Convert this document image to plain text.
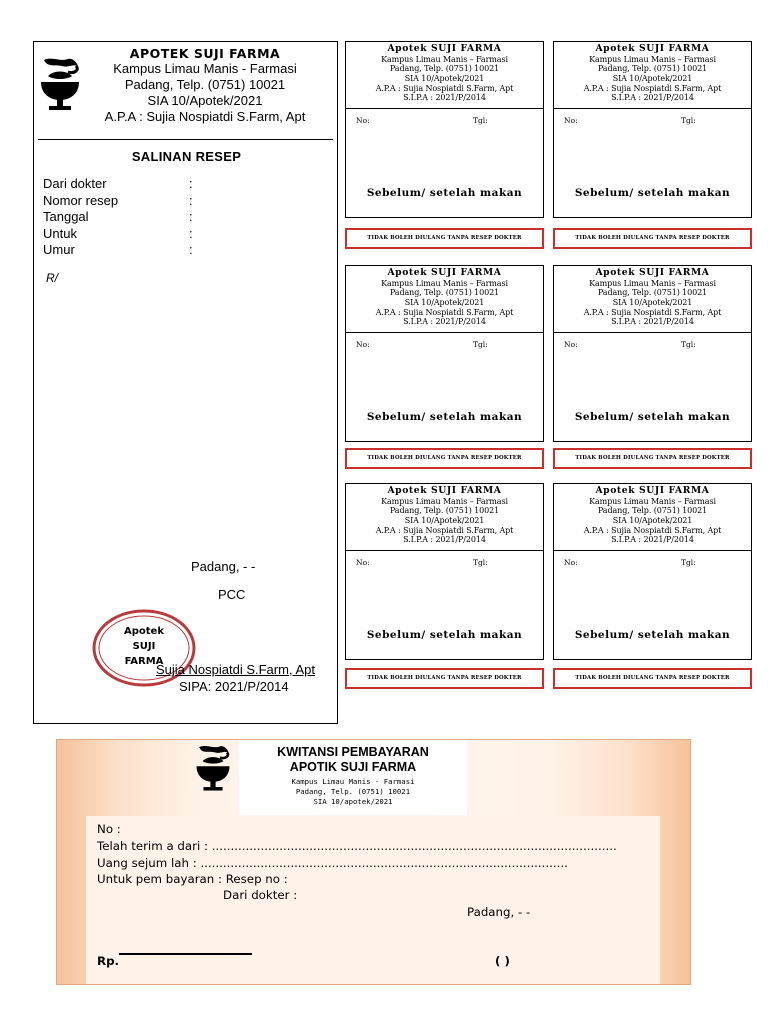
APOTEK SUJI FARMA
Kampus Limau Manis - Farmasi
Padang, Telp. (0751) 10021
SIA 10/Apotek/2021
A.P.A : Sujia Nospiatdi S.Farm, Apt
SALINAN RESEP
Dari dokter	:
Nomor resep	:
Tanggal	:
Untuk	:
Umur	:
R/
Padang, - -
PCC
Apotek
SUJI
FARMA
Sujia Nospiatdi S.Farm, Apt
SIPA: 2021/P/2014
Apotek SUJI FARMA
Kampus Limau Manis – Farmasi
Padang, Telp. (0751) 10021
SIA 10/Apotek/2021
A.P.A : Sujia Nospiatdi S.Farm, Apt
S.I.P.A : 2021/P/2014
No:	Tgl:
Sebelum/ setelah makan
TIDAK BOLEH DIULANG TANPA RESEP DOKTER
Apotek SUJI FARMA
Kampus Limau Manis – Farmasi
Padang, Telp. (0751) 10021
SIA 10/Apotek/2021
A.P.A : Sujia Nospiatdi S.Farm, Apt
S.I.P.A : 2021/P/2014
No:	Tgl:
Sebelum/ setelah makan
TIDAK BOLEH DIULANG TANPA RESEP DOKTER
Apotek SUJI FARMA
Kampus Limau Manis – Farmasi
Padang, Telp. (0751) 10021
SIA 10/Apotek/2021
A.P.A : Sujia Nospiatdi S.Farm, Apt
S.I.P.A : 2021/P/2014
No:	Tgl:
Sebelum/ setelah makan
TIDAK BOLEH DIULANG TANPA RESEP DOKTER
Apotek SUJI FARMA
Kampus Limau Manis – Farmasi
Padang, Telp. (0751) 10021
SIA 10/Apotek/2021
A.P.A : Sujia Nospiatdi S.Farm, Apt
S.I.P.A : 2021/P/2014
No:	Tgl:
Sebelum/ setelah makan
TIDAK BOLEH DIULANG TANPA RESEP DOKTER
Apotek SUJI FARMA
Kampus Limau Manis – Farmasi
Padang, Telp. (0751) 10021
SIA 10/Apotek/2021
A.P.A : Sujia Nospiatdi S.Farm, Apt
S.I.P.A : 2021/P/2014
No:	Tgl:
Sebelum/ setelah makan
TIDAK BOLEH DIULANG TANPA RESEP DOKTER
Apotek SUJI FARMA
Kampus Limau Manis – Farmasi
Padang, Telp. (0751) 10021
SIA 10/Apotek/2021
A.P.A : Sujia Nospiatdi S.Farm, Apt
S.I.P.A : 2021/P/2014
No:	Tgl:
Sebelum/ setelah makan
TIDAK BOLEH DIULANG TANPA RESEP DOKTER
KWITANSI PEMBAYARAN
APOTIK SUJI FARMA
Kampus Limau Manis - Farmasi
Padang, Telp. (0751) 10021
SIA 10/apotek/2021
No :
Telah terim a dari : ............................................................................................................
Uang sejum lah : ..................................................................................................
Untuk pem bayaran : Resep no :
Dari dokter :
Padang, - -
Rp.	( )
